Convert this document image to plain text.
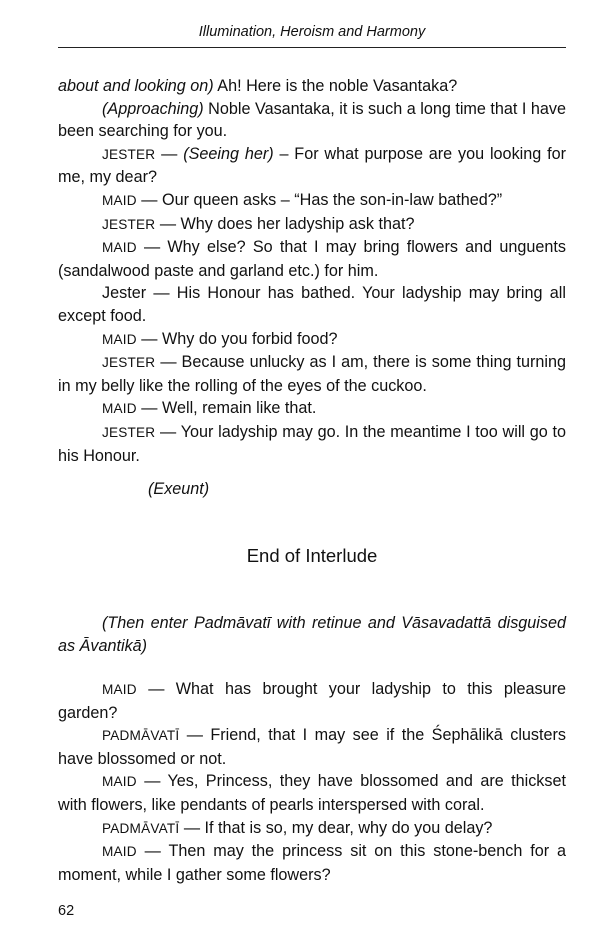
Illumination, Heroism and Harmony

about and looking on) Ah! Here is the noble Vasantaka?

(Approaching) Noble Vasantaka, it is such a long time that I have been searching for you.

JESTER — (Seeing her) – For what purpose are you looking for me, my dear?

MAID — Our queen asks – “Has the son-in-law bathed?”

JESTER — Why does her ladyship ask that?

MAID — Why else? So that I may bring flowers and unguents (sandalwood paste and garland etc.) for him.

Jester — His Honour has bathed. Your ladyship may bring all except food.

MAID — Why do you forbid food?

JESTER — Because unlucky as I am, there is some thing turning in my belly like the rolling of the eyes of the cuckoo.

MAID — Well, remain like that.

JESTER — Your ladyship may go. In the meantime I too will go to his Honour.

(Exeunt)
End of Interlude

(Then enter Padmāvatī with retinue and Vāsavadattā disguised as Āvantikā)

MAID — What has brought your ladyship to this pleasure garden?

PADMĀVATĪ — Friend, that I may see if the Śephālikā clusters have blossomed or not.

MAID — Yes, Princess, they have blossomed and are thickset with flowers, like pendants of pearls interspersed with coral.

PADMĀVATĪ — If that is so, my dear, why do you delay?

MAID — Then may the princess sit on this stone-bench for a moment, while I gather some flowers?

62
